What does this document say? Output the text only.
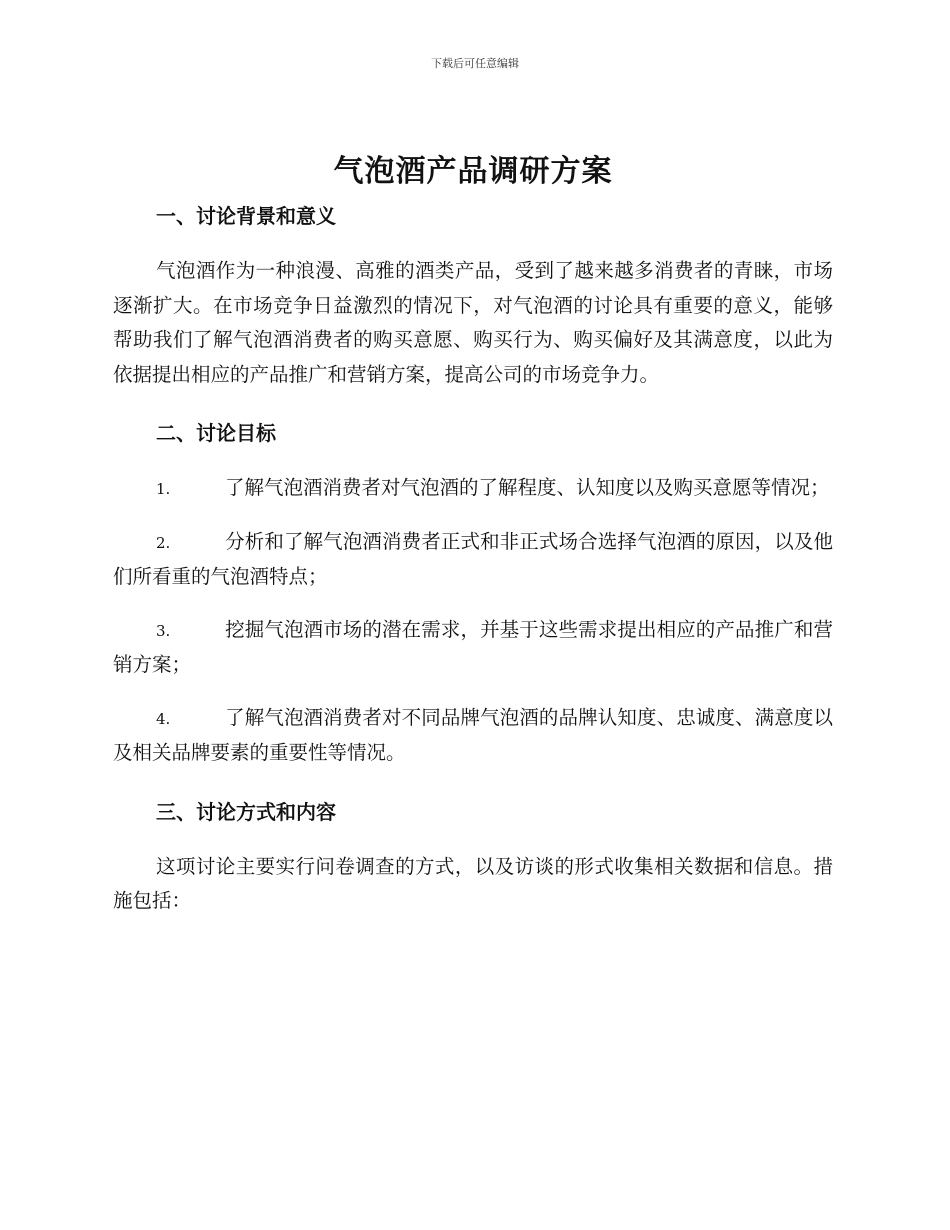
下载后可任意编辑
气泡酒产品调研方案
一、讨论背景和意义

气泡酒作为一种浪漫、高雅的酒类产品，受到了越来越多消费者的青睐，市场逐渐扩大。在市场竞争日益激烈的情况下，对气泡酒的讨论具有重要的意义，能够帮助我们了解气泡酒消费者的购买意愿、购买行为、购买偏好及其满意度，以此为依据提出相应的产品推广和营销方案，提高公司的市场竞争力。

二、讨论目标

1.	了解气泡酒消费者对气泡酒的了解程度、认知度以及购买意愿等情况；

2.	分析和了解气泡酒消费者正式和非正式场合选择气泡酒的原因，以及他们所看重的气泡酒特点；

3.	挖掘气泡酒市场的潜在需求，并基于这些需求提出相应的产品推广和营销方案；

4.	了解气泡酒消费者对不同品牌气泡酒的品牌认知度、忠诚度、满意度以及相关品牌要素的重要性等情况。

三、讨论方式和内容

这项讨论主要实行问卷调查的方式，以及访谈的形式收集相关数据和信息。措施包括：
